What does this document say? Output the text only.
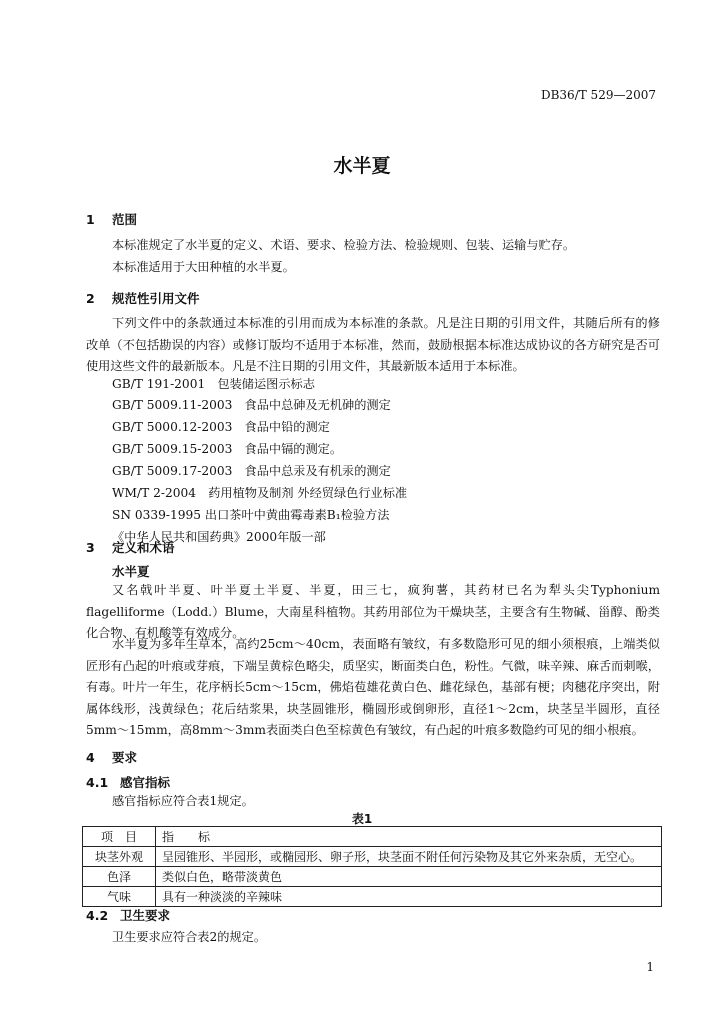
DB36/T 529—2007
水半夏
1 范围
本标准规定了水半夏的定义、术语、要求、检验方法、检验规则、包装、运输与贮存。
本标准适用于大田种植的水半夏。
2 规范性引用文件
下列文件中的条款通过本标准的引用而成为本标准的条款。凡是注日期的引用文件，其随后所有的修改单（不包括勘误的内容）或修订版均不适用于本标准，然而，鼓励根据本标准达成协议的各方研究是否可使用这些文件的最新版本。凡是不注日期的引用文件，其最新版本适用于本标准。
GB/T 191-2001　包装储运图示标志
GB/T 5009.11-2003　食品中总砷及无机砷的测定
GB/T 5000.12-2003　食品中铅的测定
GB/T 5009.15-2003　食品中镉的测定。
GB/T 5009.17-2003　食品中总汞及有机汞的测定
WM/T 2-2004　药用植物及制剂 外经贸绿色行业标准
SN 0339-1995 出口茶叶中黄曲霉毒素B₁检验方法
《中华人民共和国药典》2000年版一部
3 定义和术语
水半夏
又名戟叶半夏、叶半夏土半夏、半夏，田三七，疯狗薯，其药材已名为犁头尖Typhonium flagelliforme（Lodd.）Blume，大南星科植物。其药用部位为干燥块茎，主要含有生物碱、甾醇、酚类化合物、有机酸等有效成分。
水半夏为多年生草本，高约25cm～40cm，表面略有皱纹，有多数隐形可见的细小须根痕，上端类似匠形有凸起的叶痕或芽痕，下端呈黄棕色略尖，质坚实，断面类白色，粉性。气微，味辛辣、麻舌而刺喉，有毒。叶片一年生，花序柄长5cm～15cm，佛焰苞雄花黄白色、雌花绿色，基部有梗；肉穗花序突出，附属体线形，浅黄绿色；花后结浆果，块茎圆锥形，椭圆形或倒卵形，直径1～2cm，块茎呈半圆形，直径5mm～15mm，高8mm～3mm表面类白色至棕黄色有皱纹，有凸起的叶痕多数隐约可见的细小根痕。
4 要求
4.1 感官指标
感官指标应符合表1规定。
表1
项　目	指　　标
块茎外观	呈园锥形、半园形，或椭园形、卵子形，块茎面不附任何污染物及其它外来杂质，无空心。
色泽	类似白色，略带淡黄色
气味	具有一种淡淡的辛辣味
4.2 卫生要求
卫生要求应符合表2的规定。
1
